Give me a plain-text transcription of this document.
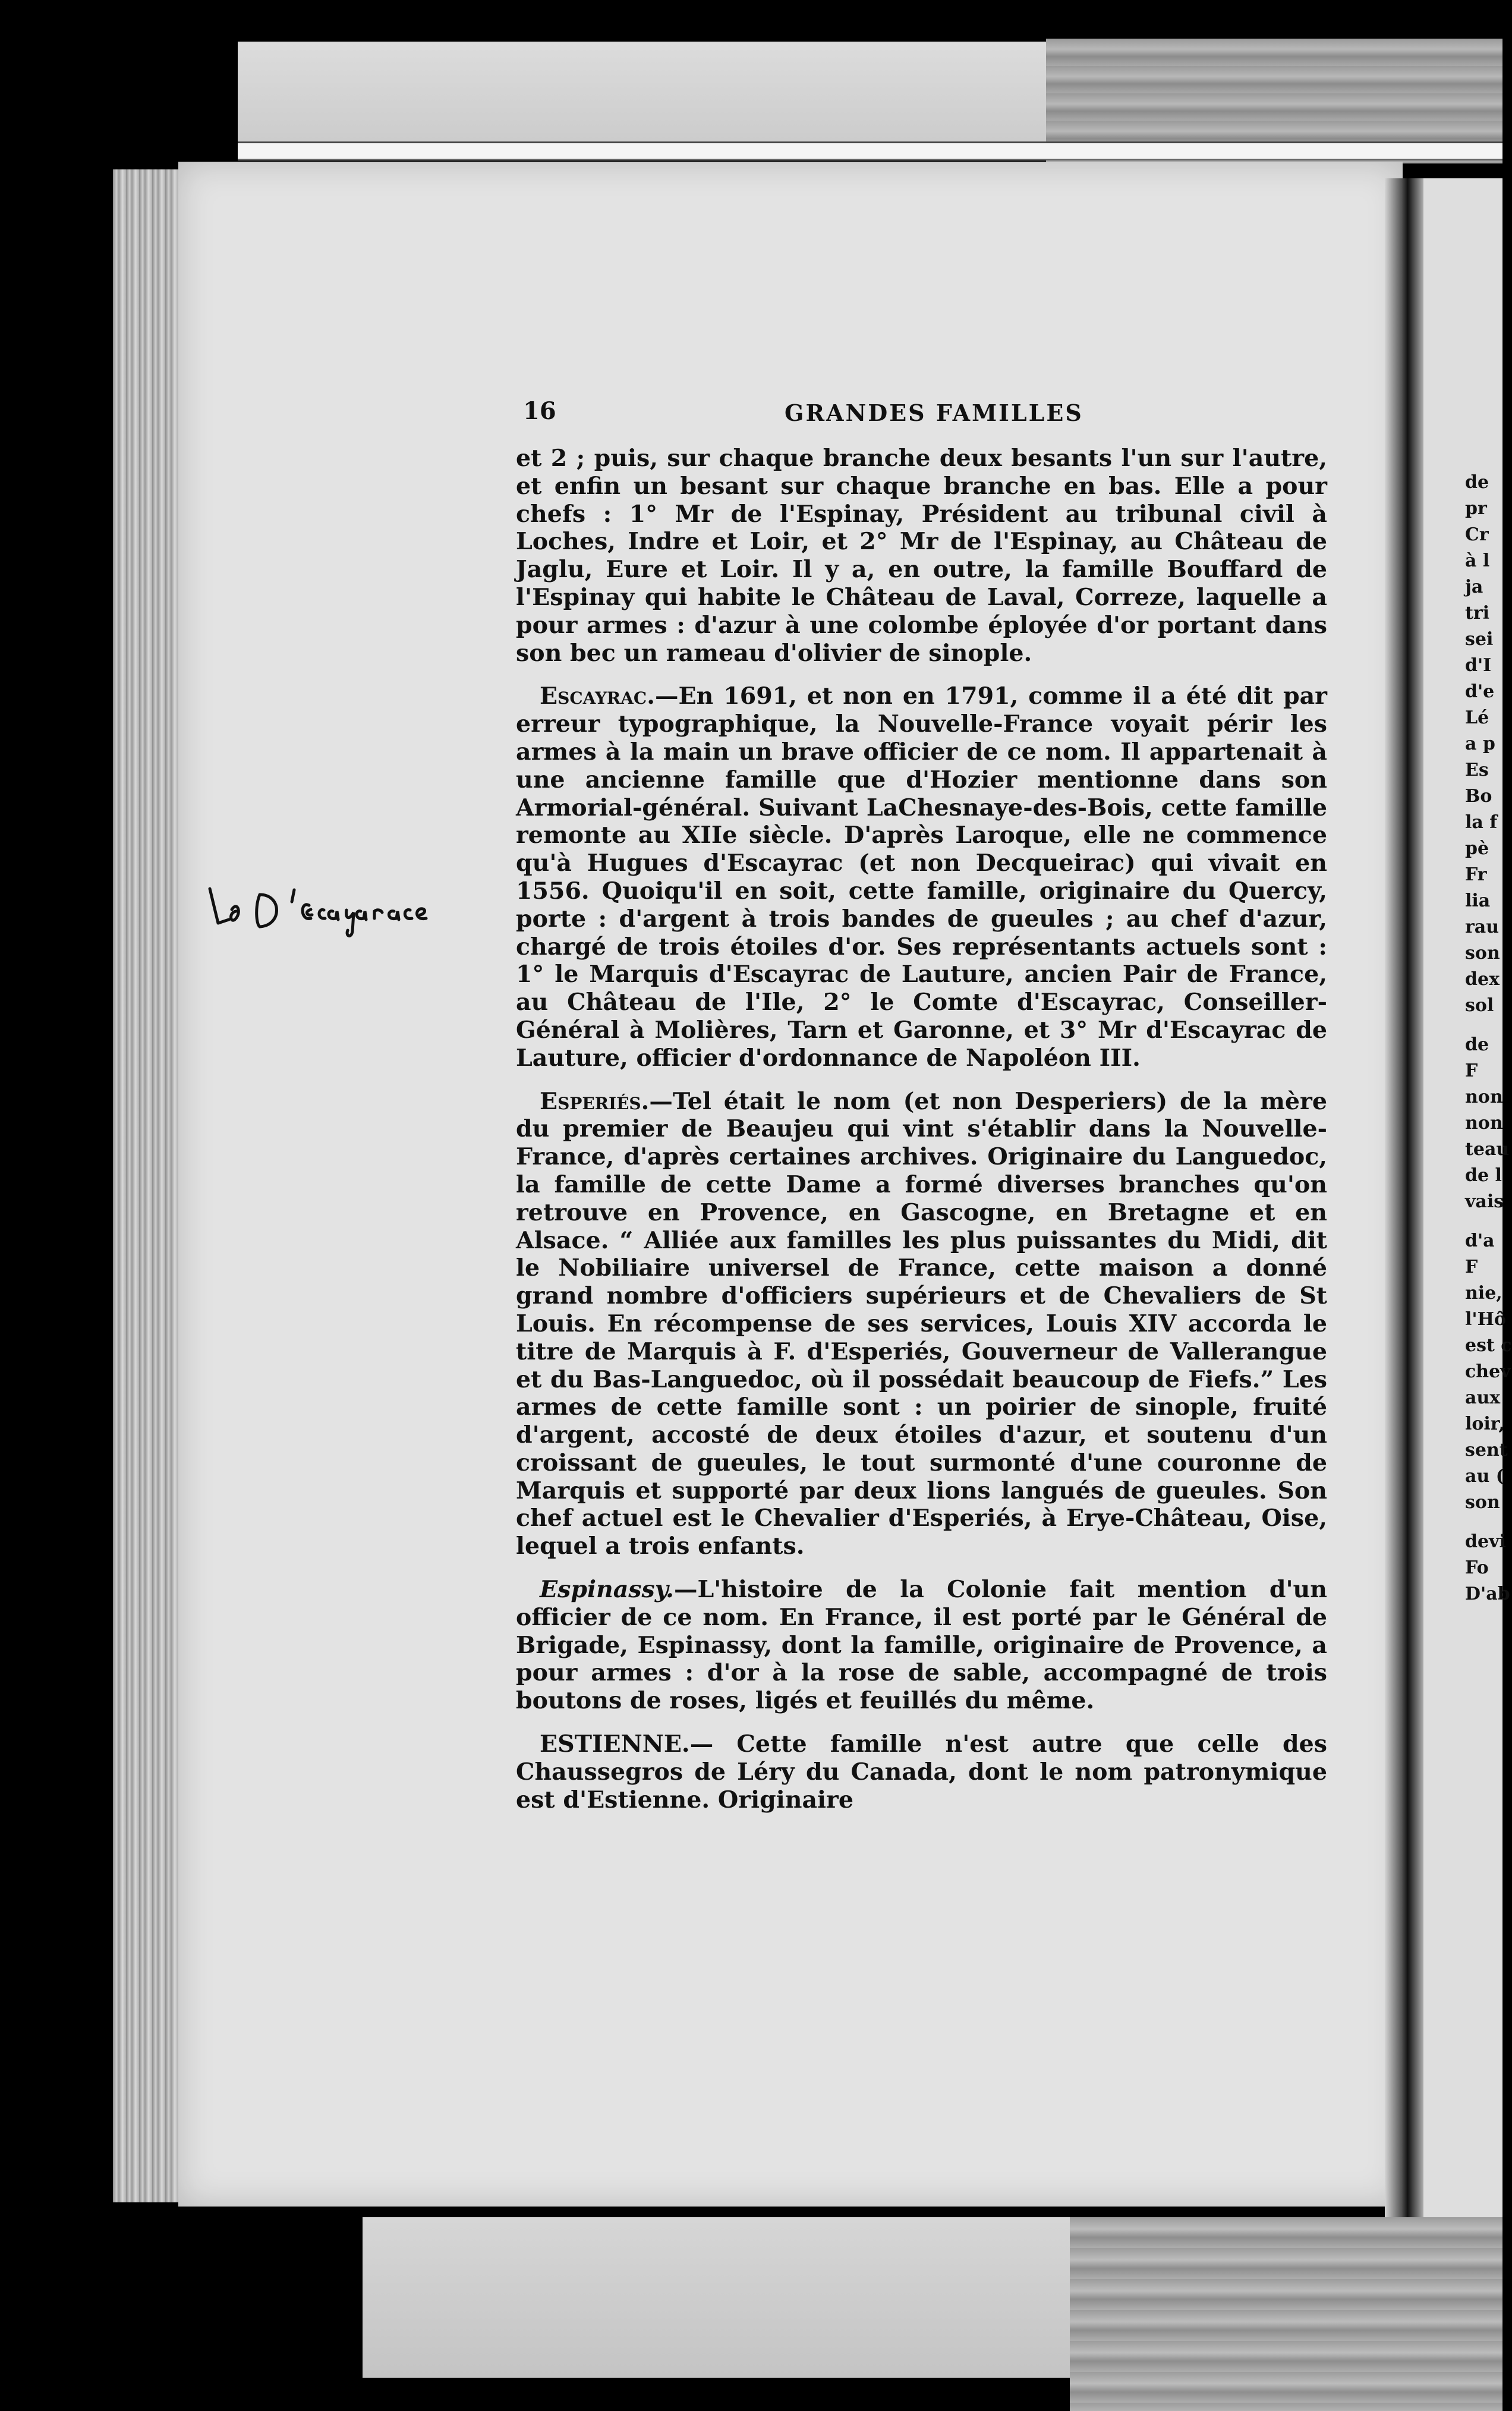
16	GRANDES FAMILLES

et 2 ; puis, sur chaque branche deux besants l'un sur l'autre, et enfin un besant sur chaque branche en bas. Elle a pour chefs : 1° Mr de l'Espinay, Président au tribunal civil à Loches, Indre et Loir, et 2° Mr de l'Espinay, au Château de Jaglu, Eure et Loir. Il y a, en outre, la famille Bouffard de l'Espinay qui habite le Château de Laval, Correze, laquelle a pour armes : d'azur à une colombe éployée d'or portant dans son bec un rameau d'olivier de sinople.

Escayrac.—En 1691, et non en 1791, comme il a été dit par erreur typographique, la Nouvelle-France voyait périr les armes à la main un brave officier de ce nom. Il appartenait à une ancienne famille que d'Hozier mentionne dans son Armorial-général. Suivant LaChesnaye-des-Bois, cette famille remonte au XIIe siècle. D'après Laroque, elle ne commence qu'à Hugues d'Escayrac (et non Decqueirac) qui vivait en 1556. Quoiqu'il en soit, cette famille, originaire du Quercy, porte : d'argent à trois bandes de gueules ; au chef d'azur, chargé de trois étoiles d'or. Ses représentants actuels sont : 1° le Marquis d'Escayrac de Lauture, ancien Pair de France, au Château de l'Ile, 2° le Comte d'Escayrac, Conseiller-Général à Molières, Tarn et Garonne, et 3° Mr d'Escayrac de Lauture, officier d'ordonnance de Napoléon III.

Esperiés.—Tel était le nom (et non Desperiers) de la mère du premier de Beaujeu qui vint s'établir dans la Nouvelle-France, d'après certaines archives. Originaire du Languedoc, la famille de cette Dame a formé diverses branches qu'on retrouve en Provence, en Gascogne, en Bretagne et en Alsace. “ Alliée aux familles les plus puissantes du Midi, dit le Nobiliaire universel de France, cette maison a donné grand nombre d'officiers supérieurs et de Chevaliers de St Louis. En récompense de ses services, Louis XIV accorda le titre de Marquis à F. d'Esperiés, Gouverneur de Vallerangue et du Bas-Languedoc, où il possédait beaucoup de Fiefs.” Les armes de cette famille sont : un poirier de sinople, fruité d'argent, accosté de deux étoiles d'azur, et soutenu d'un croissant de gueules, le tout surmonté d'une couronne de Marquis et supporté par deux lions langués de gueules. Son chef actuel est le Chevalier d'Esperiés, à Erye-Château, Oise, lequel a trois enfants.

Espinassy.—L'histoire de la Colonie fait mention d'un officier de ce nom. En France, il est porté par le Général de Brigade, Espinassy, dont la famille, originaire de Provence, a pour armes : d'or à la rose de sable, accompagné de trois boutons de roses, ligés et feuillés du même.

ESTIENNE.— Cette famille n'est autre que celle des Chaussegros de Léry du Canada, dont le nom patronymique est d'Estienne. Originaire

de
pr
Cr
à l
ja
tri
sei
d'I
d'e
Lé
a p
Es
Bo
la f
pè
Fr
lia
rau
son
dex
sol
de
F
non
non
teau
de l
vais
d'a
F
nie,
l'Hô
est c
chev
aux
loir,
sent
au (
son
devi
Fo
D'ab
